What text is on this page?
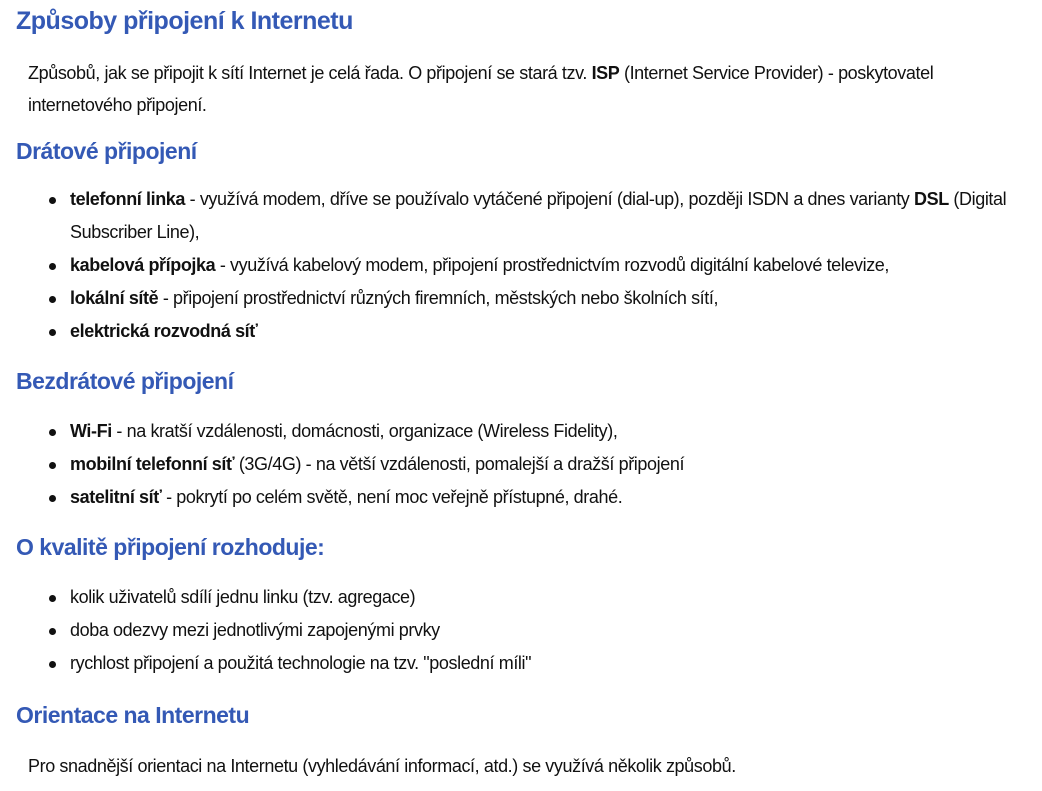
Způsoby připojení k Internetu

Způsobů, jak se připojit k sítí Internet je celá řada. O připojení se stará tzv. ISP (Internet Service Provider) - poskytovatel internetového připojení.

Drátové připojení
telefonní linka - využívá modem, dříve se používalo vytáčené připojení (dial-up), později ISDN a dnes varianty DSL (Digital Subscriber Line),
kabelová přípojka - využívá kabelový modem, připojení prostřednictvím rozvodů digitální kabelové televize,
lokální sítě - připojení prostřednictví různých firemních, městských nebo školních sítí,
elektrická rozvodná síť
Bezdrátové připojení
Wi-Fi - na kratší vzdálenosti, domácnosti, organizace (Wireless Fidelity),
mobilní telefonní síť (3G/4G) - na větší vzdálenosti, pomalejší a dražší připojení
satelitní síť - pokrytí po celém světě, není moc veřejně přístupné, drahé.
O kvalitě připojení rozhoduje:
kolik uživatelů sdílí jednu linku (tzv. agregace)
doba odezvy mezi jednotlivými zapojenými prvky
rychlost připojení a použitá technologie na tzv. "poslední míli"
Orientace na Internetu

Pro snadnější orientaci na Internetu (vyhledávání informací, atd.) se využívá několik způsobů.
